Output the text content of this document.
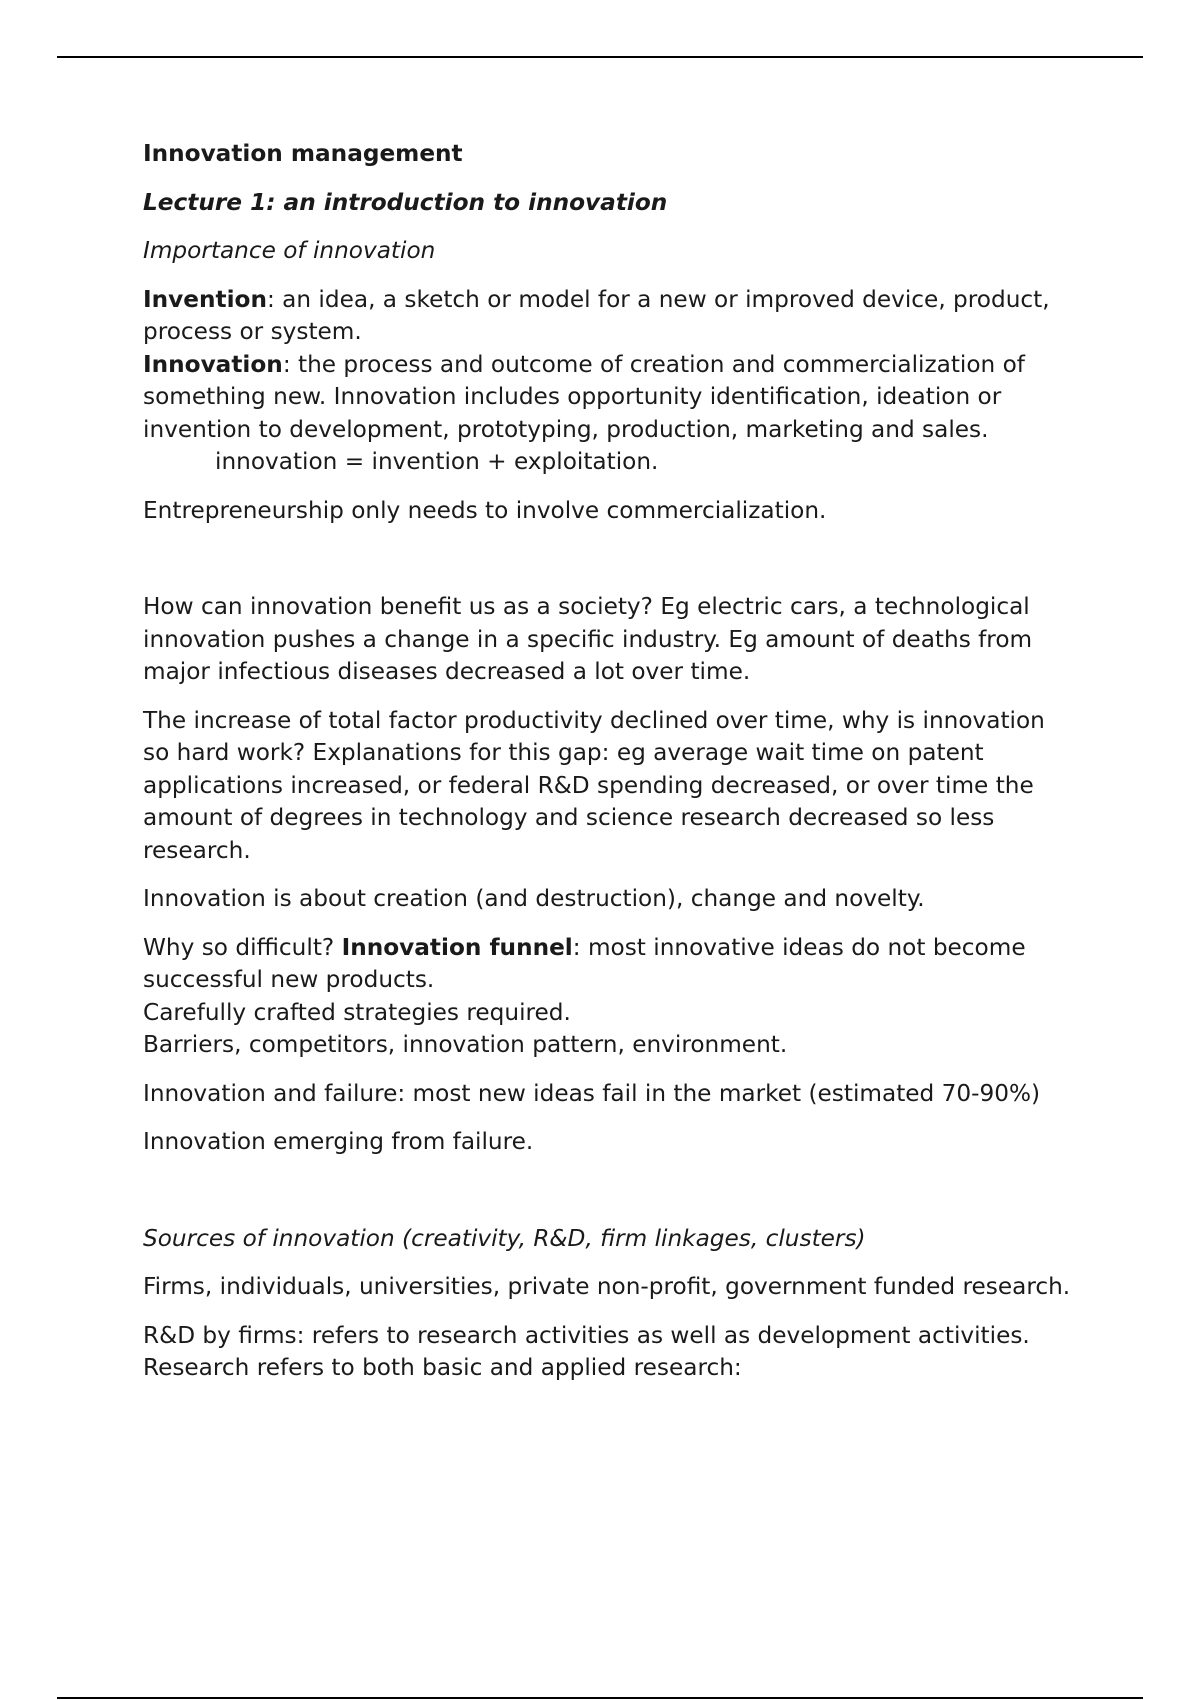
Innovation management

Lecture 1: an introduction to innovation

Importance of innovation

Invention: an idea, a sketch or model for a new or improved device, product, process or system.
Innovation: the process and outcome of creation and commercialization of something new. Innovation includes opportunity identification, ideation or invention to development, prototyping, production, marketing and sales.

innovation = invention + exploitation.

Entrepreneurship only needs to involve commercialization.

How can innovation benefit us as a society? Eg electric cars, a technological innovation pushes a change in a specific industry. Eg amount of deaths from major infectious diseases decreased a lot over time.

The increase of total factor productivity declined over time, why is innovation so hard work? Explanations for this gap: eg average wait time on patent applications increased, or federal R&D spending decreased, or over time the amount of degrees in technology and science research decreased so less research.

Innovation is about creation (and destruction), change and novelty.

Why so difficult? Innovation funnel: most innovative ideas do not become successful new products.
Carefully crafted strategies required.
Barriers, competitors, innovation pattern, environment.

Innovation and failure: most new ideas fail in the market (estimated 70-90%)

Innovation emerging from failure.

Sources of innovation (creativity, R&D, firm linkages, clusters)

Firms, individuals, universities, private non-profit, government funded research.

R&D by firms: refers to research activities as well as development activities.
Research refers to both basic and applied research:
